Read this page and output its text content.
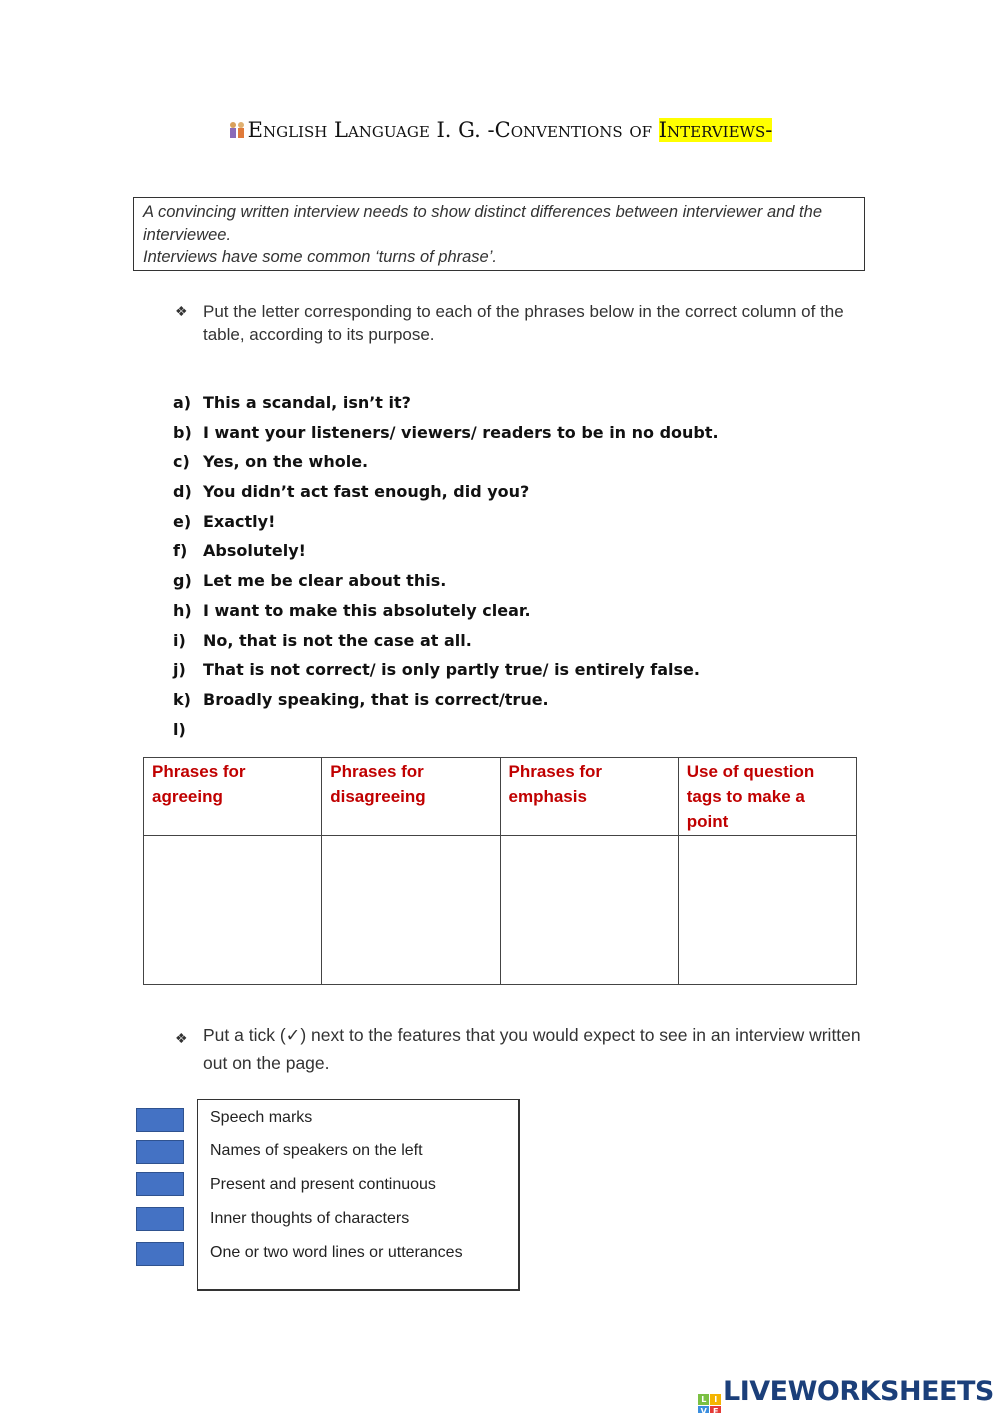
English Language I. G. -Conventions of Interviews-
A convincing written interview needs to show distinct differences between interviewer and the interviewee.
Interviews have some common ‘turns of phrase’.
❖ Put the letter corresponding to each of the phrases below in the correct column of the table, according to its purpose.
a) This a scandal, isn’t it?
b) I want your listeners/ viewers/ readers to be in no doubt.
c) Yes, on the whole.
d) You didn’t act fast enough, did you?
e) Exactly!
f) Absolutely!
g) Let me be clear about this.
h) I want to make this absolutely clear.
i) No, that is not the case at all.
j) That is not correct/ is only partly true/ is entirely false.
k) Broadly speaking, that is correct/true.
l)
Phrases for agreeing	Phrases for disagreeing	Phrases for emphasis	Use of question tags to make a point

❖ Put a tick (✓) next to the features that you would expect to see in an interview written out on the page.
Speech marks
Names of speakers on the left
Present and present continuous
Inner thoughts of characters
One or two word lines or utterances
L	I
V E
LIVEWORKSHEETS
